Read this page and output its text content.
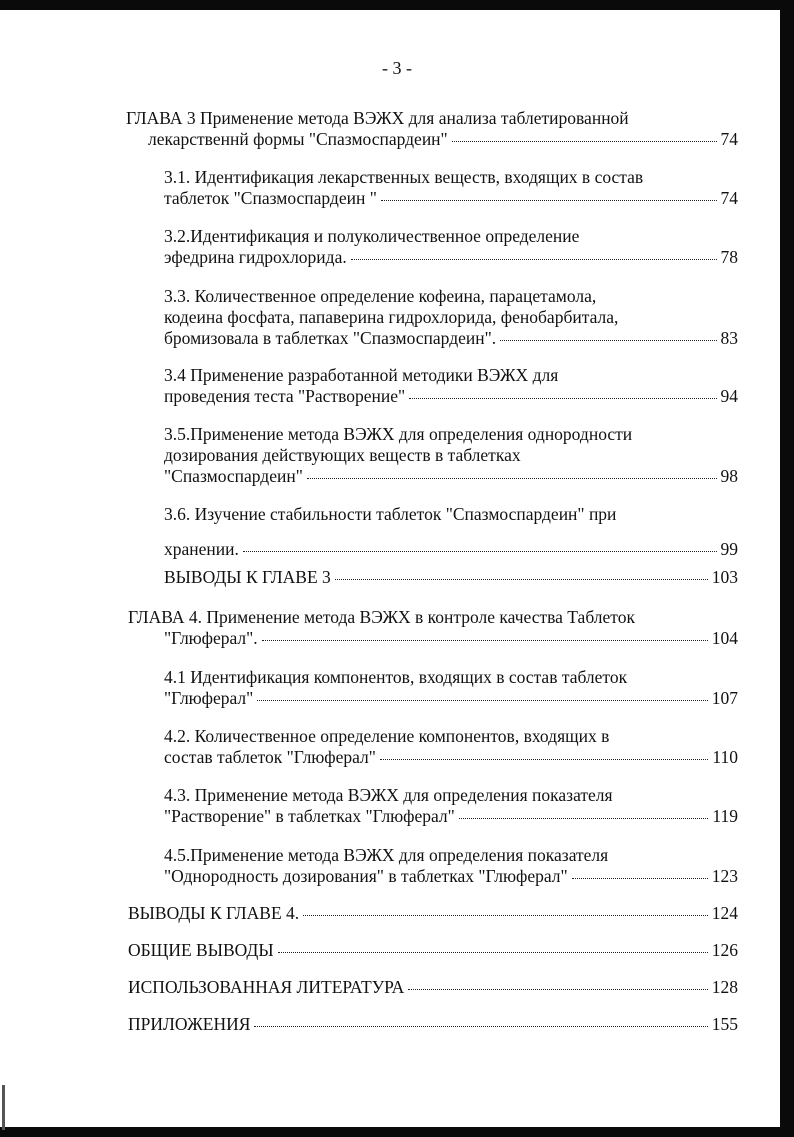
- 3 -
ГЛАВА 3 Применение метода ВЭЖХ для анализа таблетированной
лекарственнй формы "Спазмоспардеин"	74
3.1. Идентификация лекарственных веществ, входящих в состав
таблеток "Спазмоспардеин "	74
3.2.Идентификация и полуколичественное определение
эфедрина гидрохлорида.	78
3.3. Количественное определение кофеина, парацетамола,
кодеина фосфата, папаверина гидрохлорида, фенобарбитала,
бромизовала в таблетках "Спазмоспардеин".	83
3.4 Применение разработанной методики ВЭЖХ для
проведения теста "Растворение"	94
3.5.Применение метода ВЭЖХ для определения однородности
дозирования действующих веществ в таблетках
"Спазмоспардеин"	98
3.6. Изучение стабильности таблеток "Спазмоспардеин" при
хранении.	99
ВЫВОДЫ К ГЛАВЕ 3	103
ГЛАВА 4. Применение метода ВЭЖХ в контроле качества Таблеток
"Глюферал".	104
4.1 Идентификация компонентов, входящих в состав таблеток
"Глюферал"	107
4.2. Количественное определение компонентов, входящих в
состав таблеток "Глюферал"	110
4.3. Применение метода ВЭЖХ для определения показателя
"Растворение" в таблетках "Глюферал"	119
4.5.Применение метода ВЭЖХ для определения показателя
"Однородность дозирования" в таблетках "Глюферал"	123
ВЫВОДЫ К ГЛАВЕ 4.	124
ОБЩИЕ ВЫВОДЫ	126
ИСПОЛЬЗОВАННАЯ ЛИТЕРАТУРА	128
ПРИЛОЖЕНИЯ	155
